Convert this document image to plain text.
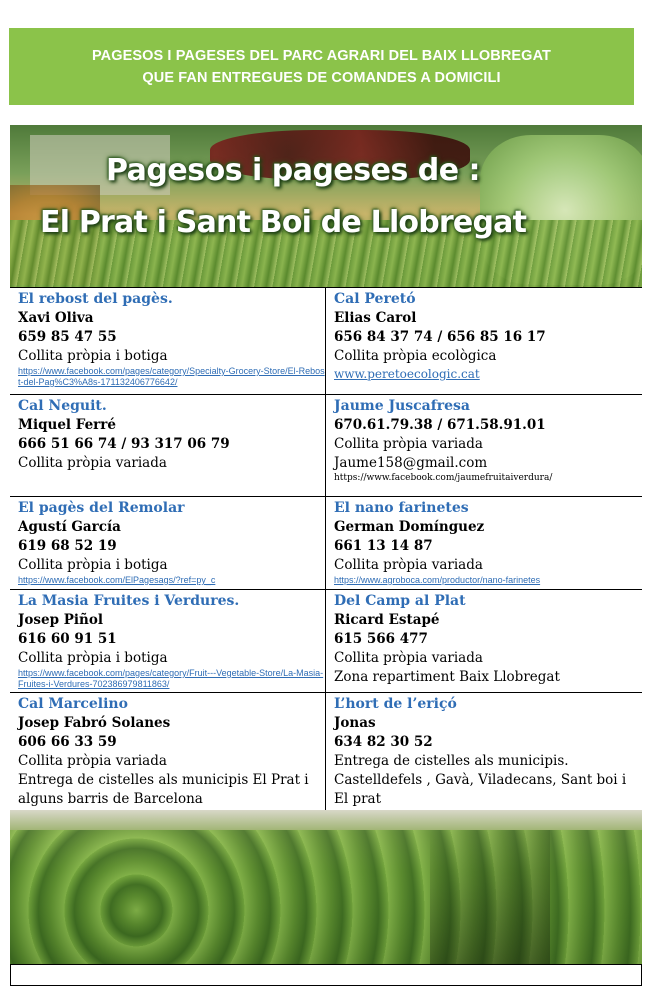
PAGESOS I PAGESES DEL PARC AGRARI DEL BAIX LLOBREGAT
QUE FAN ENTREGUES DE COMANDES A DOMICILI
Pagesos i pageses de :
El Prat i Sant Boi de Llobregat
El rebost del pagès.
Xavi Oliva
659 85 47 55
Collita pròpia i botiga
https://www.facebook.com/pages/category/Specialty-Grocery-Store/El-Rebost-del-Pag%C3%A8s-171132406776642/
Cal Peretó
Elias Carol
656 84 37 74 / 656 85 16 17
Collita pròpia ecològica
www.peretoecologic.cat
Cal Neguit.
Miquel Ferré
666 51 66 74 / 93 317 06 79
Collita pròpia variada
Jaume Juscafresa
670.61.79.38 / 671.58.91.01
Collita pròpia variada
Jaume158@gmail.com
https://www.facebook.com/jaumefruitaiverdura/
El pagès del Remolar
Agustí García
619 68 52 19
Collita pròpia i botiga
https://www.facebook.com/ElPagesags/?ref=py_c
El nano farinetes
German Domínguez
661 13 14 87
Collita pròpia variada
https://www.agroboca.com/productor/nano-farinetes
La Masia Fruites i Verdures.
Josep Piñol
616 60 91 51
Collita pròpia i botiga
https://www.facebook.com/pages/category/Fruit---Vegetable-Store/La-Masia-Fruites-i-Verdures-702386979811863/
Del Camp al Plat
Ricard Estapé
615 566 477
Collita pròpia variada
Zona repartiment Baix Llobregat
Cal Marcelino
Josep Fabró Solanes
606 66 33 59
Collita pròpia variada
Entrega de cistelles als municipis El Prat i alguns barris de Barcelona
L’hort de l’eriçó
Jonas
634 82 30 52
Entrega de cistelles als municipis. Castelldefels , Gavà, Viladecans, Sant boi i El prat
